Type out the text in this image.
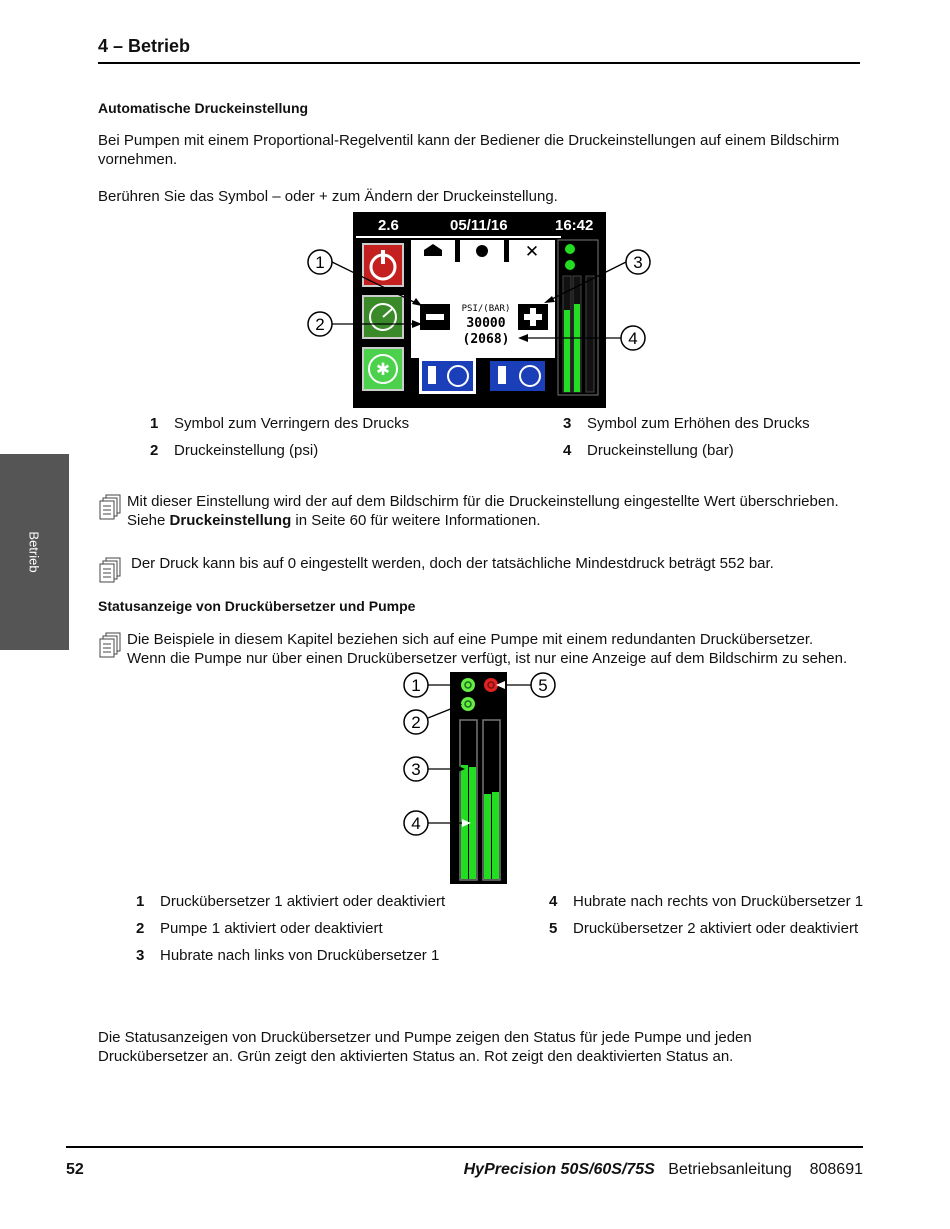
4 – Betrieb
Betrieb
Automatische Druckeinstellung
Bei Pumpen mit einem Proportional-Regelventil kann der Bediener die Druckeinstellungen auf einem Bildschirm vornehmen.
Berühren Sie das Symbol – oder + zum Ändern der Druckeinstellung.
2.6	05/11/16	16:42
✱
✕
PSI/(BAR)
30000
(2068)
1
2
3
4
1 Symbol zum Verringern des Drucks
2 Druckeinstellung (psi)
3 Symbol zum Erhöhen des Drucks
4 Druckeinstellung (bar)
Mit dieser Einstellung wird der auf dem Bildschirm für die Druckeinstellung eingestellte Wert überschrieben.
Siehe Druckeinstellung in Seite 60 für weitere Informationen.
Der Druck kann bis auf 0 eingestellt werden, doch der tatsächliche Mindestdruck beträgt 552 bar.
Statusanzeige von Druckübersetzer und Pumpe
Die Beispiele in diesem Kapitel beziehen sich auf eine Pumpe mit einem redundanten Druckübersetzer.
Wenn die Pumpe nur über einen Druckübersetzer verfügt, ist nur eine Anzeige auf dem Bildschirm zu sehen.
1
2
3
4
5
1 Druckübersetzer 1 aktiviert oder deaktiviert
2 Pumpe 1 aktiviert oder deaktiviert
3 Hubrate nach links von Druckübersetzer 1
4 Hubrate nach rechts von Druckübersetzer 1
5 Druckübersetzer 2 aktiviert oder deaktiviert
Die Statusanzeigen von Druckübersetzer und Pumpe zeigen den Status für jede Pumpe und jeden Druckübersetzer an. Grün zeigt den aktivierten Status an. Rot zeigt den deaktivierten Status an.
52	HyPrecision 50S/60S/75S Betriebsanleitung 808691
